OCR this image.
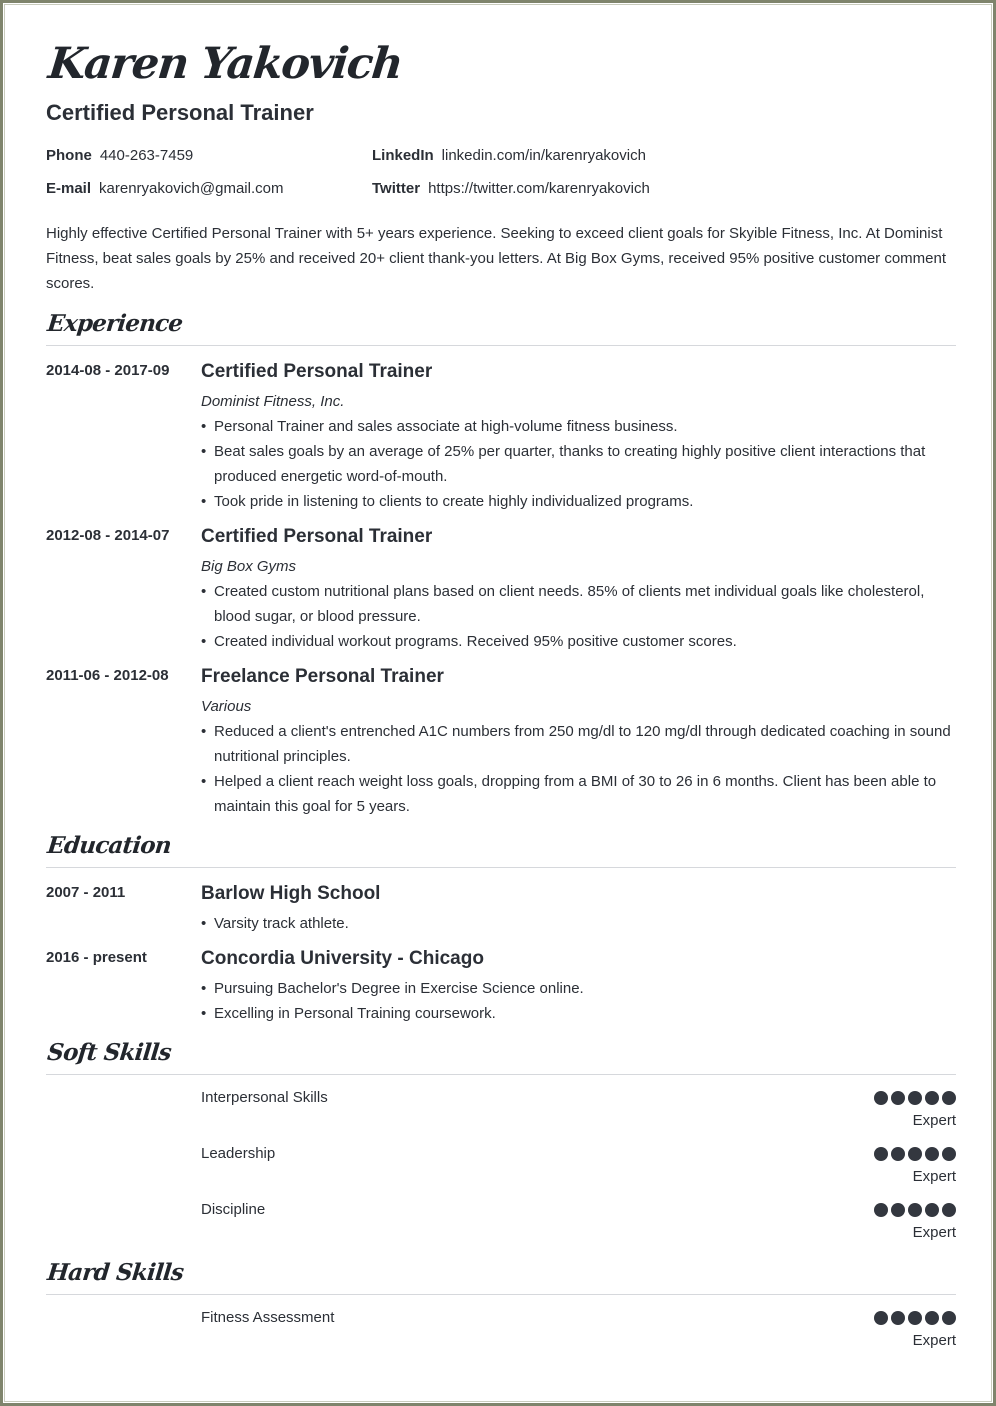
Karen Yakovich
Certified Personal Trainer
Phone 440-263-7459
E-mail karenryakovich@gmail.com
LinkedIn linkedin.com/in/karenryakovich
Twitter https://twitter.com/karenryakovich

Highly effective Certified Personal Trainer with 5+ years experience. Seeking to exceed client goals for Skyible Fitness, Inc. At Dominist Fitness, beat sales goals by 25% and received 20+ client thank-you letters. At Big Box Gyms, received 95% positive customer comment scores.

Experience
2014-08 - 2017-09 Certified Personal Trainer

Dominist Fitness, Inc.

• Personal Trainer and sales associate at high-volume fitness business.
• Beat sales goals by an average of 25% per quarter, thanks to creating highly positive client interactions that produced energetic word-of-mouth.
• Took pride in listening to clients to create highly individualized programs.
2012-08 - 2014-07 Certified Personal Trainer

Big Box Gyms

• Created custom nutritional plans based on client needs. 85% of clients met individual goals like cholesterol, blood sugar, or blood pressure.
• Created individual workout programs. Received 95% positive customer scores.
2011-06 - 2012-08 Freelance Personal Trainer

Various

• Reduced a client's entrenched A1C numbers from 250 mg/dl to 120 mg/dl through dedicated coaching in sound nutritional principles.
• Helped a client reach weight loss goals, dropping from a BMI of 30 to 26 in 6 months. Client has been able to maintain this goal for 5 years.
Education
2007 - 2011	Barlow High School

• Varsity track athlete.
2016 - present	Concordia University - Chicago

• Pursuing Bachelor's Degree in Exercise Science online.
• Excelling in Personal Training coursework.
Soft Skills
Interpersonal Skills
Expert
Leadership
Expert
Discipline
Expert
Hard Skills
Fitness Assessment
Expert
